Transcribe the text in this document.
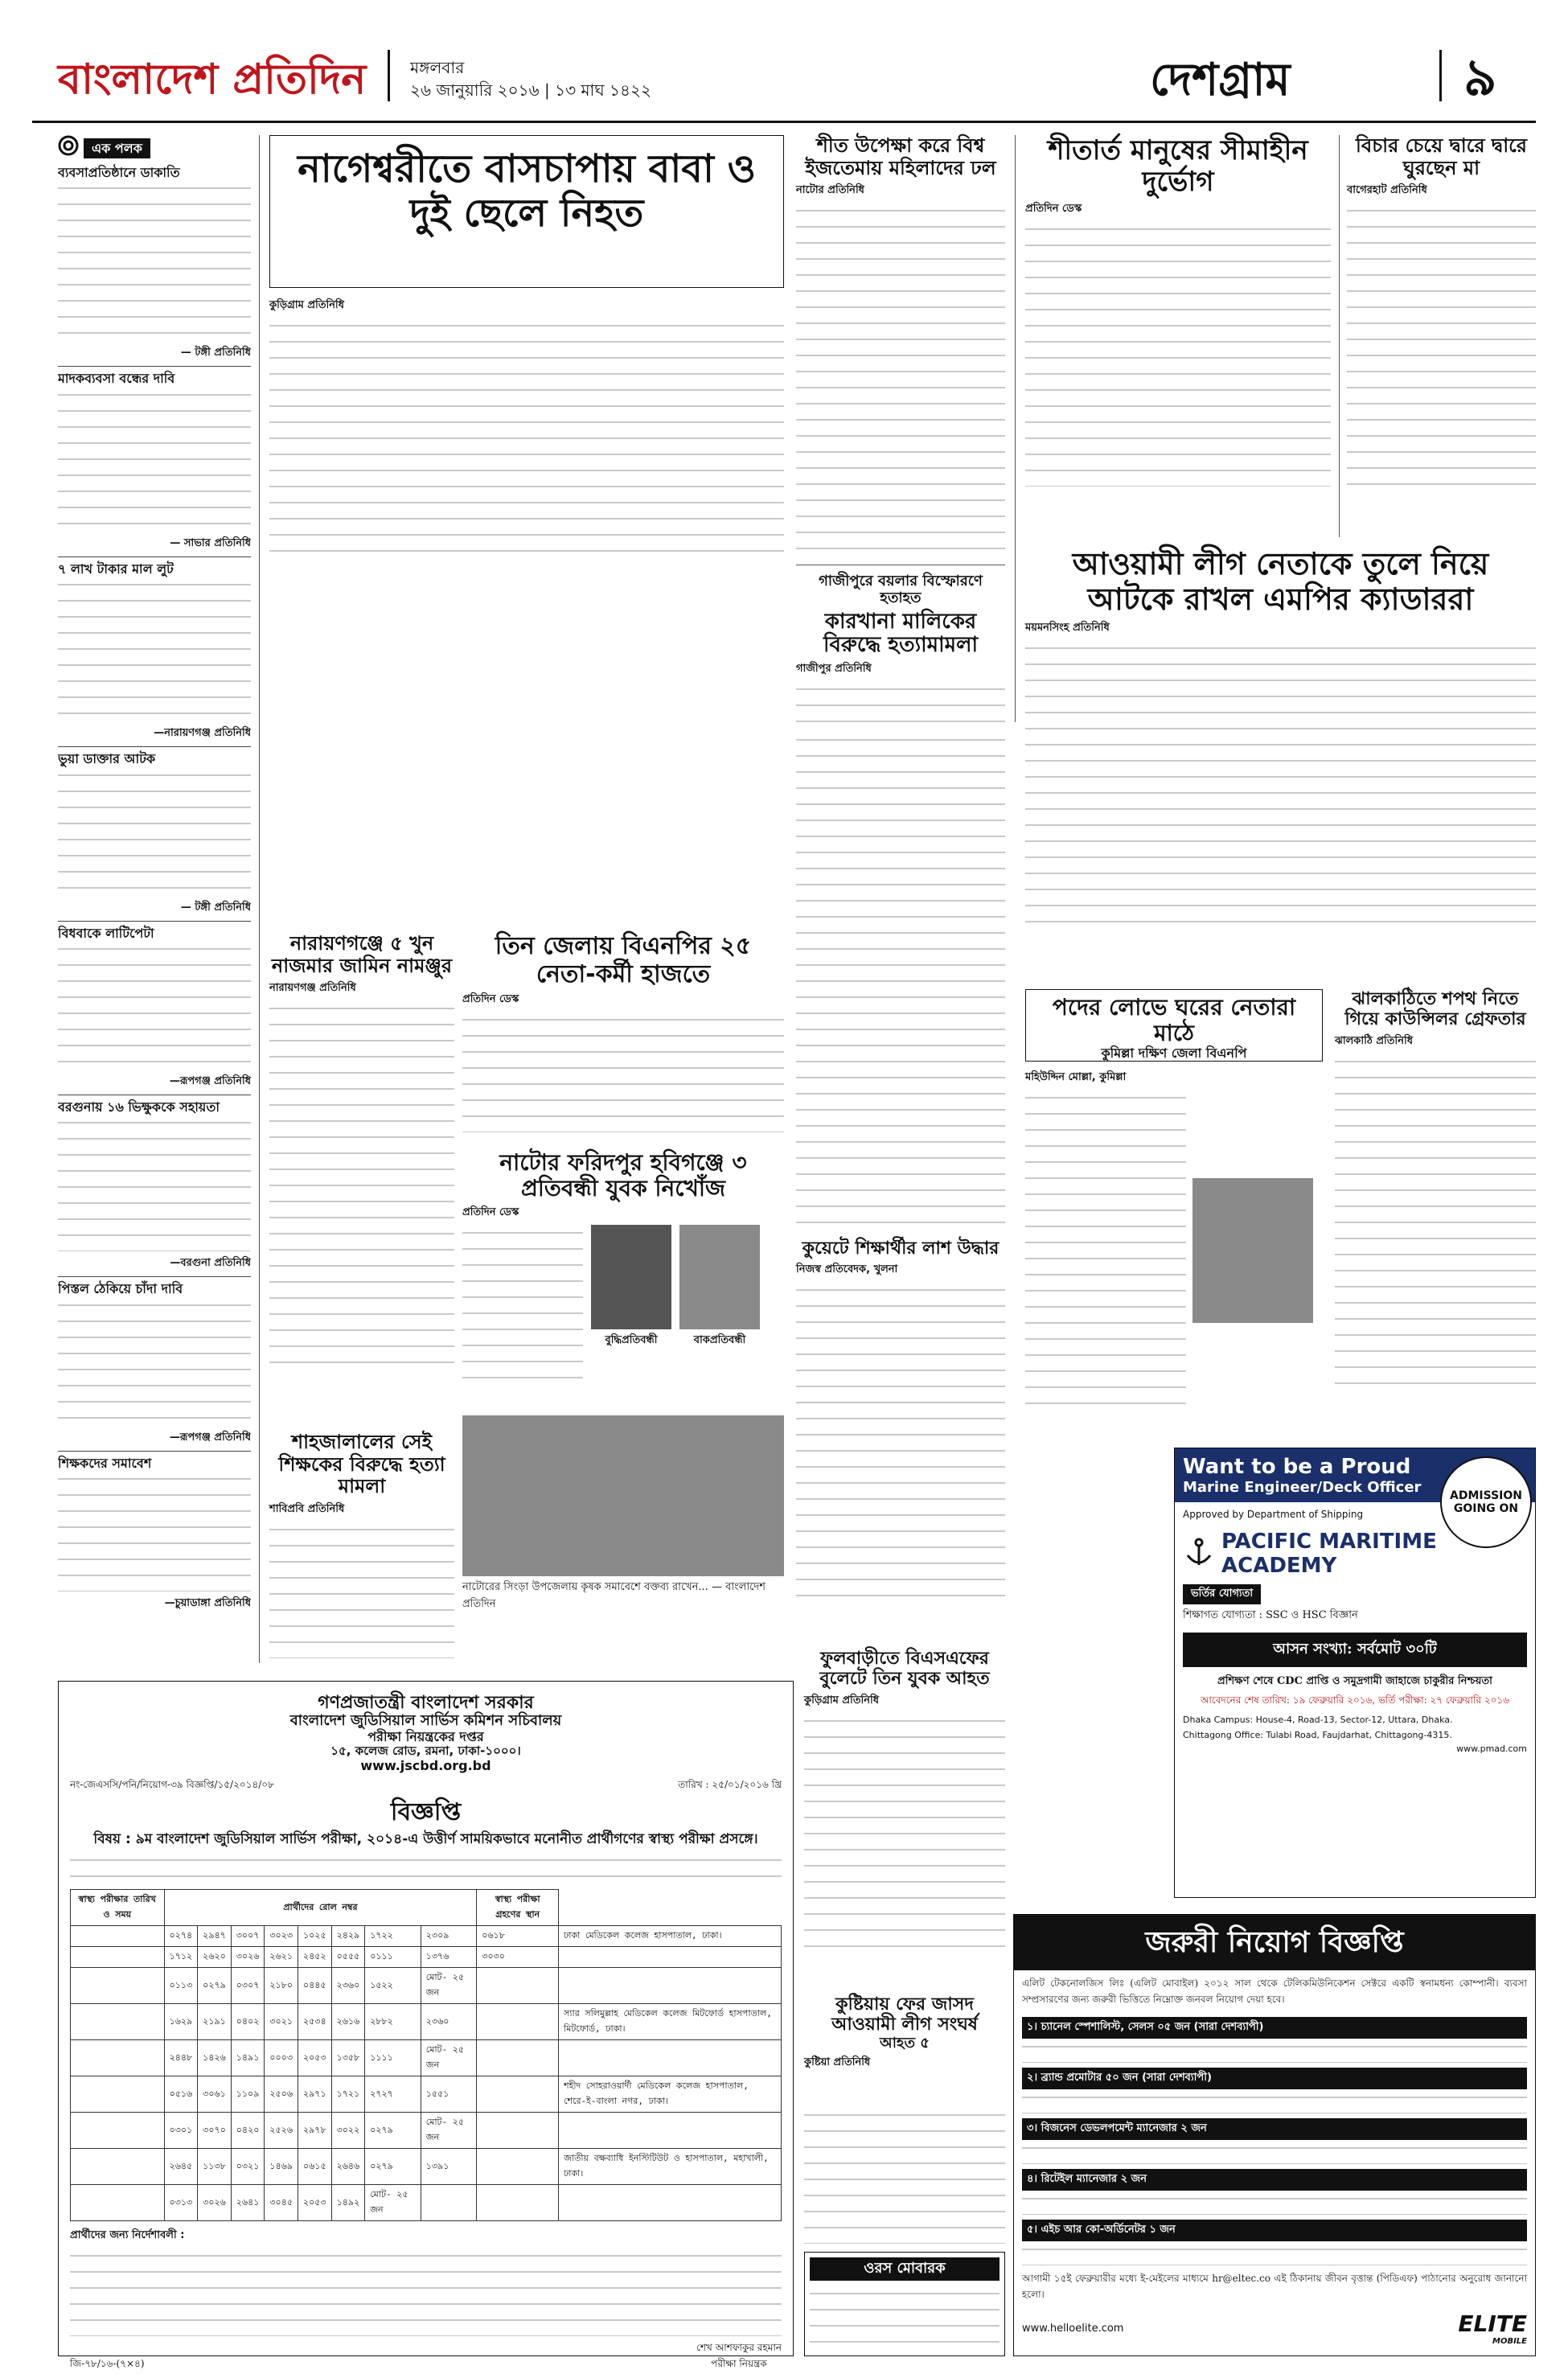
বাংলাদেশ প্রতিদিন	মঙ্গলবার
২৬ জানুয়ারি ২০১৬ | ১৩ মাঘ ১৪২২	দেশগ্রাম	৯
এক পলক
ব্যবসাপ্রতিষ্ঠানে ডাকাতি
— টঙ্গী প্রতিনিধি
মাদকব্যবসা বন্ধের দাবি
— সাভার প্রতিনিধি
৭ লাখ টাকার মাল লুট
—নারায়ণগঞ্জ প্রতিনিধি
ভুয়া ডাক্তার আটক
— টঙ্গী প্রতিনিধি
বিধবাকে লাটিপেটা
—রূপগঞ্জ প্রতিনিধি
বরগুনায় ১৬ ভিক্ষুককে সহায়তা
—বরগুনা প্রতিনিধি
পিস্তল ঠেকিয়ে চাঁদা দাবি
—রূপগঞ্জ প্রতিনিধি
শিক্ষকদের সমাবেশ
—চুয়াডাঙ্গা প্রতিনিধি
নাগেশ্বরীতে বাসচাপায় বাবা ও দুই ছেলে নিহত
কুড়িগ্রাম প্রতিনিধি
শীত উপেক্ষা করে বিশ্ব ইজতেমায় মহিলাদের ঢল
নাটোর প্রতিনিধি
গাজীপুরে বয়লার বিস্ফোরণে হতাহত
কারখানা মালিকের বিরুদ্ধে হত্যামামলা
গাজীপুর প্রতিনিধি
শীতার্ত মানুষের সীমাহীন দুর্ভোগ
প্রতিদিন ডেস্ক
বিচার চেয়ে দ্বারে দ্বারে ঘুরছেন মা
বাগেরহাট প্রতিনিধি
আওয়ামী লীগ নেতাকে তুলে নিয়ে আটকে রাখল এমপির ক্যাডাররা
ময়মনসিংহ প্রতিনিধি
নারায়ণগঞ্জে ৫ খুন নাজমার জামিন নামঞ্জুর
নারায়ণগঞ্জ প্রতিনিধি
তিন জেলায় বিএনপির ২৫ নেতা-কর্মী হাজতে
প্রতিদিন ডেস্ক
শাহজালালের সেই শিক্ষকের বিরুদ্ধে হত্যা মামলা
শাবিপ্রবি প্রতিনিধি
নাটোর ফরিদপুর হবিগঞ্জে ৩ প্রতিবন্ধী যুবক নিখোঁজ
প্রতিদিন ডেস্ক
বুদ্ধিপ্রতিবন্ধী	বাকপ্রতিবন্ধী
কুয়েটে শিক্ষার্থীর লাশ উদ্ধার
নিজস্ব প্রতিবেদক, খুলনা
নাটোরের সিংড়া উপজেলায় কৃষক সমাবেশে বক্তব্য রাখেন... — বাংলাদেশ প্রতিদিন
পদের লোভে ঘরের নেতারা মাঠে
কুমিল্লা দক্ষিণ জেলা বিএনপি
মহিউদ্দিন মোল্লা, কুমিল্লা
ঝালকাঠিতে শপথ নিতে গিয়ে কাউন্সিলর গ্রেফতার
ঝালকাঠি প্রতিনিধি
ফুলবাড়ীতে বিএসএফের বুলেটে তিন যুবক আহত
কুড়িগ্রাম প্রতিনিধি
Want to be a Proud
Marine Engineer/Deck Officer	ADMISSION GOING ON
Approved by Department of Shipping
PACIFIC MARITIME ACADEMY
ভর্তির যোগ্যতা
শিক্ষাগত যোগ্যতা : SSC ও HSC বিজ্ঞান
আসন সংখ্যা: সর্বমোট ৩০টি
প্রশিক্ষণ শেষে CDC প্রাপ্তি ও সমুদ্রগামী জাহাজে চাকুরীর নিশ্চয়তা
আবেদনের শেষ তারিখ: ১৯ ফেব্রুয়ারি ২০১৬, ভর্তি পরীক্ষা: ২৭ ফেব্রুয়ারি ২০১৬
Dhaka Campus: House-4, Road-13, Sector-12, Uttara, Dhaka.
Chittagong Office: Tulabi Road, Faujdarhat, Chittagong-4315.
www.pmad.com
কুষ্টিয়ায় ফের জাসদ আওয়ামী লীগ সংঘর্ষ
আহত ৫
কুষ্টিয়া প্রতিনিধি
ওরস মোবারক
গণপ্রজাতন্ত্রী বাংলাদেশ সরকার
বাংলাদেশ জুডিসিয়াল সার্ভিস কমিশন সচিবালয়
পরীক্ষা নিয়ন্ত্রকের দপ্তর
১৫, কলেজ রোড, রমনা, ঢাকা-১০০০।
www.jscbd.org.bd
নং-জেএসসি/পনি/নিয়োগ-৩৯ বিজ্ঞপ্তি/১৫/২০১৪/০৮	তারিখ : ২৫/০১/২০১৬ খ্রি
বিজ্ঞপ্তি
বিষয় : ৯ম বাংলাদেশ জুডিসিয়াল সার্ভিস পরীক্ষা, ২০১৪-এ উত্তীর্ণ সাময়িকভাবে মনোনীত প্রার্থীগণের স্বাস্থ্য পরীক্ষা প্রসঙ্গে।
স্বাস্থ্য পরীক্ষার তারিখ ও সময়	প্রার্থীদের রোল নম্বর								স্বাস্থ্য পরীক্ষা গ্রহণের স্থান	
	০২৭৪	২৯৪৭	৩০০৭	৩০২৩	১০২৫	২৪২৯	১৭২২	২৩০৯	০৬১৮	ঢাকা মেডিকেল কলেজ হাসপাতাল, ঢাকা।
	১৭১২	২৬২০	৩০২৬	২৬২১	২৪৫২	০৫৫৫	০১১১	১৩৭৬	৩০৩০	
	০১১৩	০২৭৯	০৩০৭	২১৮০	০৪৪৫	২৩৬০	১৫২২	মোট- ২৫ জন		
	১৬২৯	২১৯১	০৪০২	৩০২১	২৫৩৪	২৬১৬	২৮৮২	২৩৬০		স্যার সলিমুল্লাহ মেডিকেল কলেজ মিটফোর্ড হাসপাতাল, মিটফোর্ড, ঢাকা।
	২৪৪৮	১৪২৬	১৪৯১	০০০৩	২০৫৩	১৩৫৮	১১১১	মোট- ২৫ জন		
	০৫১৬	৩০৬১	১১০৯	২৫০৬	২৯৭১	১৭২১	২৭২৭	১৫৫১		শহীদ সোহরাওয়ার্দী মেডিকেল কলেজ হাসপাতাল, শেরে-ই-বাংলা নগর, ঢাকা।
	০৩০১	৩০৭০	০৪২০	২৫২৬	২৯৭৮	৩০২২	০২৭৯	মোট- ২৫ জন		
	২৬৪৫	১১৩৮	০৩২১	১৪৬৯	০৬১৫	২৬৪৬	০২৭৯	১৩৯১		জাতীয় বক্ষব্যাধি ইনস্টিটিউট ও হাসপাতাল, মহাখালী, ঢাকা।
	০৩১৩	৩০২৬	২৬৪১	৩০৪৫	২০৫৩	১৪৯২	মোট- ২৫ জন			
প্রার্থীদের জন্য নির্দেশাবলী :
জি-৭৮/১৬-(৭×৪)
শেখ আশফাকুর রহমান
পরীক্ষা নিয়ন্ত্রক
জরুরী নিয়োগ বিজ্ঞপ্তি
এলিট টেকনোলজিস লিঃ (এলিট মোবাইল) ২০১২ সাল থেকে টেলিকমিউনিকেশন সেক্টরে একটি স্বনামধন্য কোম্পানী। ব্যবসা সম্প্রসারণের জন্য জরুরী ভিত্তিতে নিম্নোক্ত জনবল নিয়োগ দেয়া হবে।
১। চ্যানেল স্পেশালিস্ট, সেলস ০৫ জন (সারা দেশব্যাপী)
২। ব্র্যান্ড প্রমোটার ৫০ জন (সারা দেশব্যাপী)
৩। বিজনেস ডেভলপমেন্ট ম্যানেজার ২ জন
৪। রিটেইল ম্যানেজার ২ জন
৫। এইচ আর কো-অর্ডিনেটর ১ জন
আগামী ১৫ই ফেব্রুয়ারীর মধ্যে ই-মেইলের মাধ্যমে hr@eltec.co এই ঠিকানায় জীবন বৃত্তান্ত (পিডিএফ) পাঠানোর অনুরোধ জানানো হলো।
www.helloelite.com	ELITE
MOBILE
